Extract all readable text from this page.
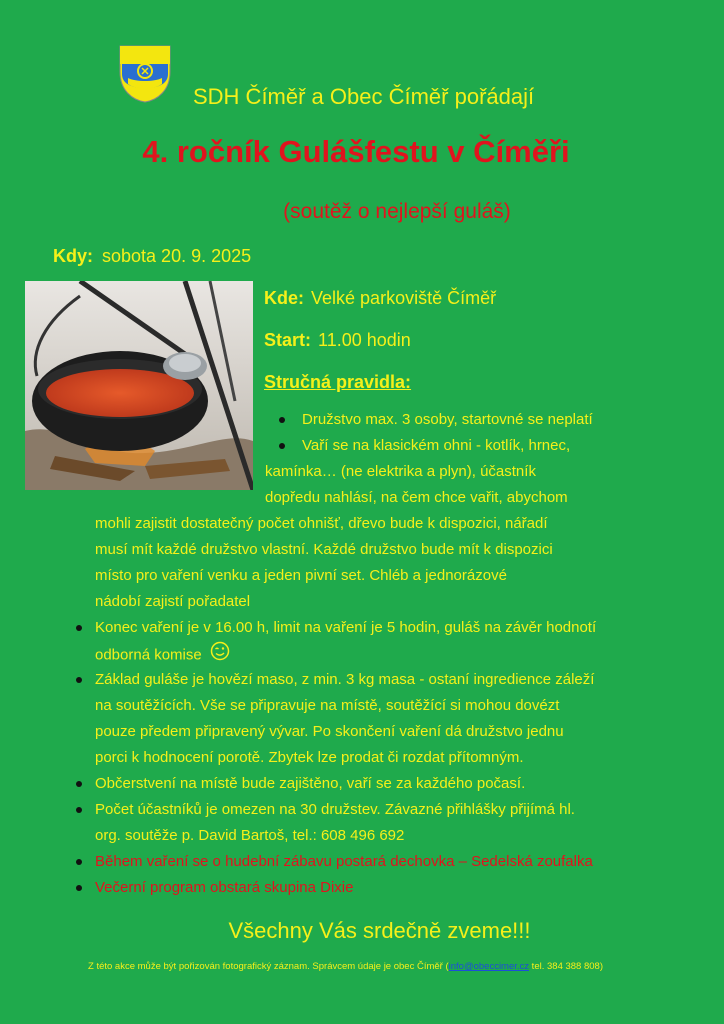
SDH Číměř a Obec Číměř pořádají
4. ročník Gulášfestu v Číměři
(soutěž o nejlepší guláš)
Kdy: sobota 20. 9. 2025
Kde: Velké parkoviště Číměř
Start: 11.00 hodin
Stručná pravidla:
Družstvo max. 3 osoby, startovné se neplatí
Vaří se na klasickém ohni - kotlík, hrnec,
kamínka… (ne elektrika a plyn), účastník
dopředu nahlásí, na čem chce vařit, abychom
mohli zajistit dostatečný počet ohnišť, dřevo bude k dispozici, nářadí
musí mít každé družstvo vlastní. Každé družstvo bude mít k dispozici
místo pro vaření venku a jeden pivní set. Chléb a jednorázové
nádobí zajistí pořadatel
Konec vaření je v 16.00 h, limit na vaření je 5 hodin, guláš na závěr hodnotí
odborná komise
Základ guláše je hovězí maso, z min. 3 kg masa - ostaní ingredience záleží
na soutěžících. Vše se připravuje na místě, soutěžící si mohou dovézt
pouze předem připravený vývar. Po skončení vaření dá družstvo jednu
porci k hodnocení porotě. Zbytek lze prodat či rozdat přítomným.
Občerstvení na místě bude zajištěno, vaří se za každého počasí.
Počet účastníků je omezen na 30 družstev. Závazné přihlášky přijímá hl.
org. soutěže p. David Bartoš, tel.: 608 496 692
Během vaření se o hudební zábavu postará dechovka – Sedelská zoufalka
Večerní program obstará skupina Dixie
Všechny Vás srdečně zveme!!!
Z této akce může být pořizován fotografický záznam. Správcem údaje je obec Číměř (info@obeccimer.cz tel. 384 388 808)
